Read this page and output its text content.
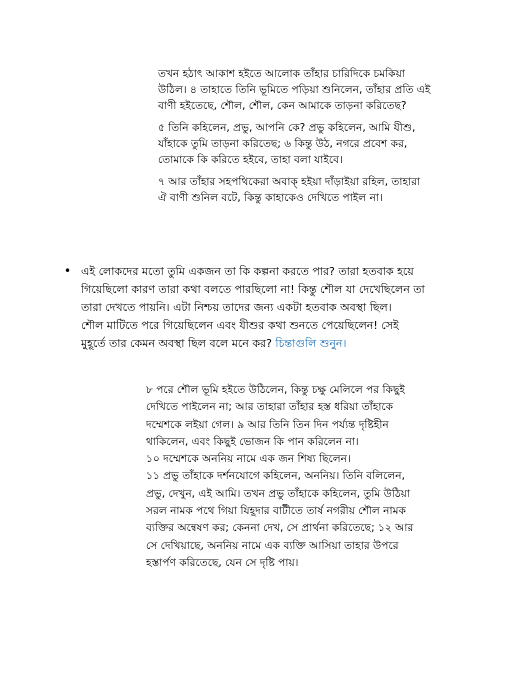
তখন হঠাৎ আকাশ হইতে আলোক তাঁহার চারিদিকে চমকিয়া
উঠিল। ৪ তাহাতে তিনি ভূমিতে পড়িয়া শুনিলেন, তাঁহার প্রতি এই
বাণী হইতেছে, শৌল, শৌল, কেন আমাকে তাড়না করিতেছ?
৫ তিনি কহিলেন, প্রভু, আপনি কে? প্রভু কহিলেন, আমি যীশু,
যাঁহাকে তুমি তাড়না করিতেছ; ৬ কিন্তু উঠ, নগরে প্রবেশ কর,
তোমাকে কি করিতে হইবে, তাহা বলা যাইবে।
৭ আর তাঁহার সহপথিকেরা অবাক্‌ হইয়া দাঁড়াইয়া রহিল, তাহারা
ঐ বাণী শুনিল বটে, কিন্তু কাহাকেও দেখিতে পাইল না।
• এই লোকদের মতো তুমি একজন তা কি কল্পনা করতে পার? তারা হতবাক হয়ে
গিয়েছিলো কারণ তারা কথা বলতে পারছিলো না! কিন্তু শৌল যা দেখেছিলেন তা
তারা দেখতে পায়নি। এটা নিশ্চয় তাদের জন্য একটা হতবাক অবস্থা ছিল।
শৌল মাটিতে পরে গিয়েছিলেন এবং যীশুর কথা শুনতে পেয়েছিলেন! সেই
মুহূর্তে তার কেমন অবস্থা ছিল বলে মনে কর? চিন্তাগুলি শুনুন।
৮ পরে শৌল ভূমি হইতে উঠিলেন, কিন্তু চক্ষু মেলিলে পর কিছুই
দেখিতে পাইলেন না; আর তাহারা তাঁহার হস্ত ধরিয়া তাঁহাকে
দম্মেশকে লইয়া গেল। ৯ আর তিনি তিন দিন পর্য্যন্ত দৃষ্টিহীন
থাকিলেন, এবং কিছুই ভোজন কি পান করিলেন না।
১০ দম্মেশকে অননিয় নামে এক জন শিষ্য ছিলেন।
১১ প্রভু তাঁহাকে দর্শনযোগে কহিলেন, অননিয়। তিনি বলিলেন,
প্রভু, দেখুন, এই আমি। তখন প্রভু তাঁহাকে কহিলেন, তুমি উঠিয়া
সরল নামক পথে গিয়া যিহূদার বাটীতে তার্ষ নগরীয় শৌল নামক
ব্যক্তির অন্বেষণ কর; কেননা দেখ, সে প্রার্থনা করিতেছে; ১২ আর
সে দেখিয়াছে, অননিয় নামে এক ব্যক্তি আসিয়া তাহার উপরে
হস্তার্পণ করিতেছে, যেন সে দৃষ্টি পায়।
